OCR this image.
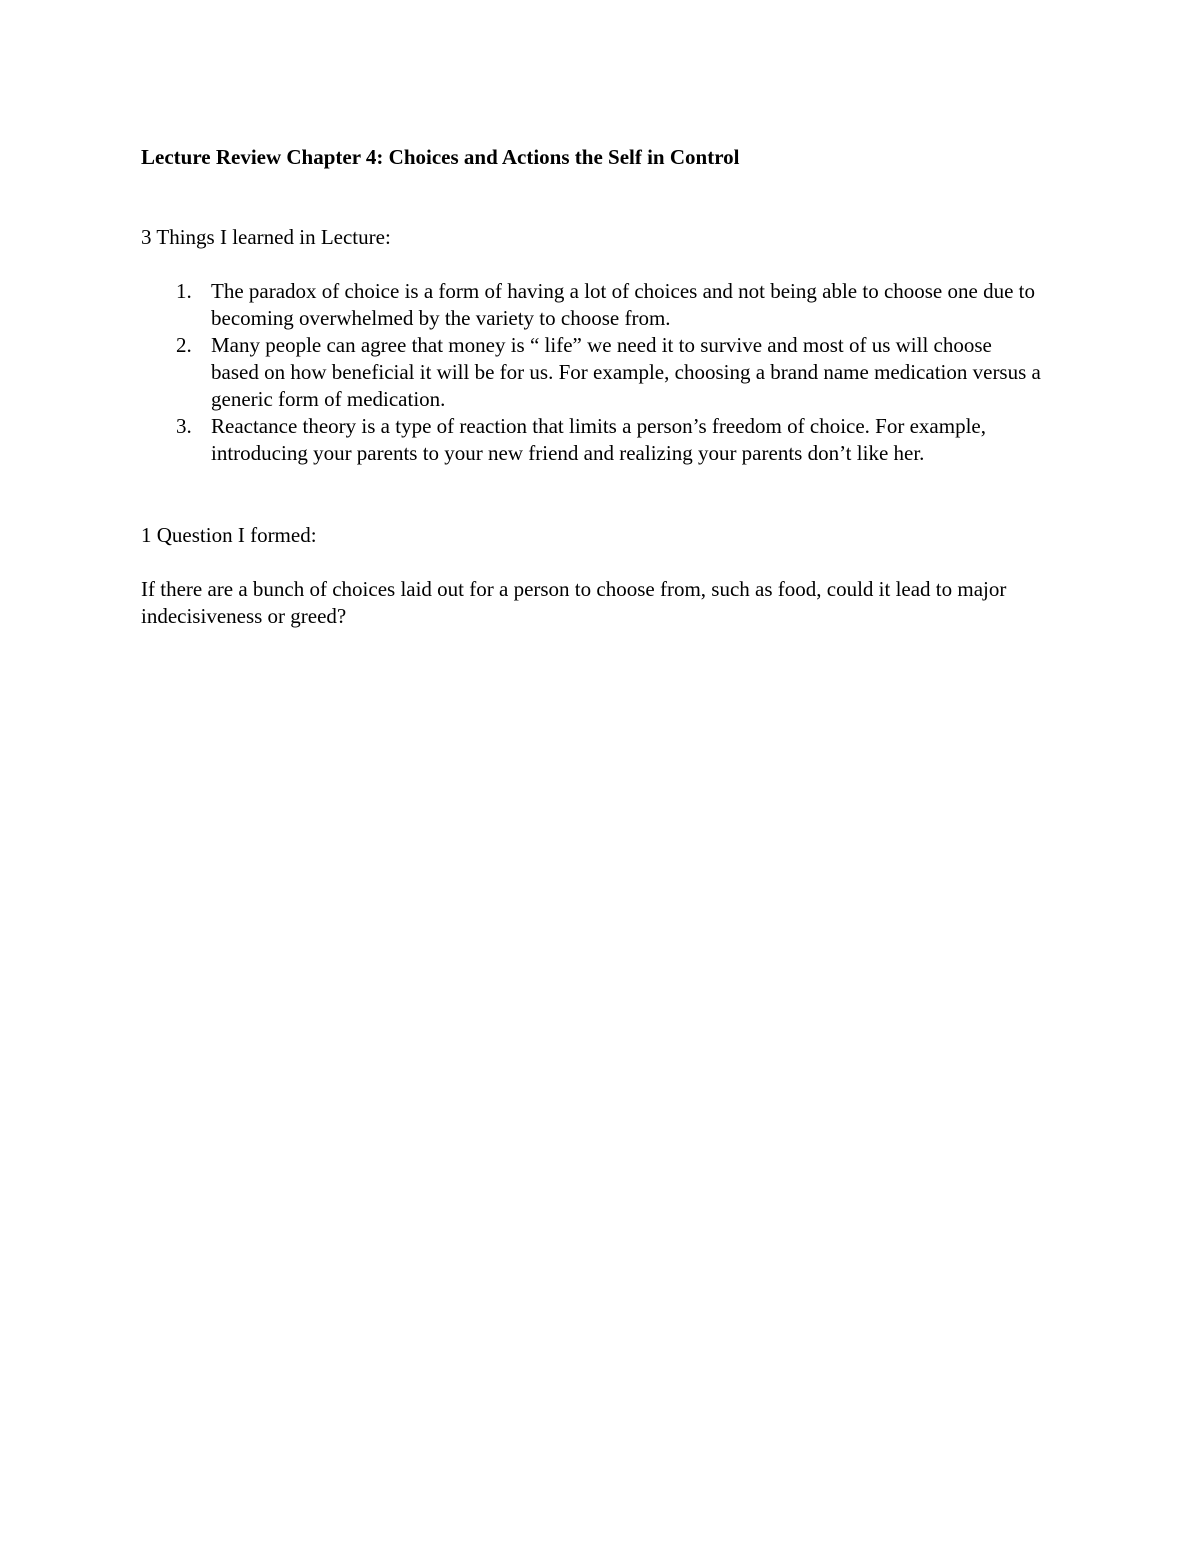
Lecture Review Chapter 4: Choices and Actions the Self in Control

3 Things I learned in Lecture:

1. The paradox of choice is a form of having a lot of choices and not being able to choose one due to becoming overwhelmed by the variety to choose from.
2. Many people can agree that money is “ life” we need it to survive and most of us will choose based on how beneficial it will be for us. For example, choosing a brand name medication versus a generic form of medication.
3. Reactance theory is a type of reaction that limits a person’s freedom of choice. For example, introducing your parents to your new friend and realizing your parents don’t like her.

1 Question I formed:

If there are a bunch of choices laid out for a person to choose from, such as food, could it lead to major indecisiveness or greed?
